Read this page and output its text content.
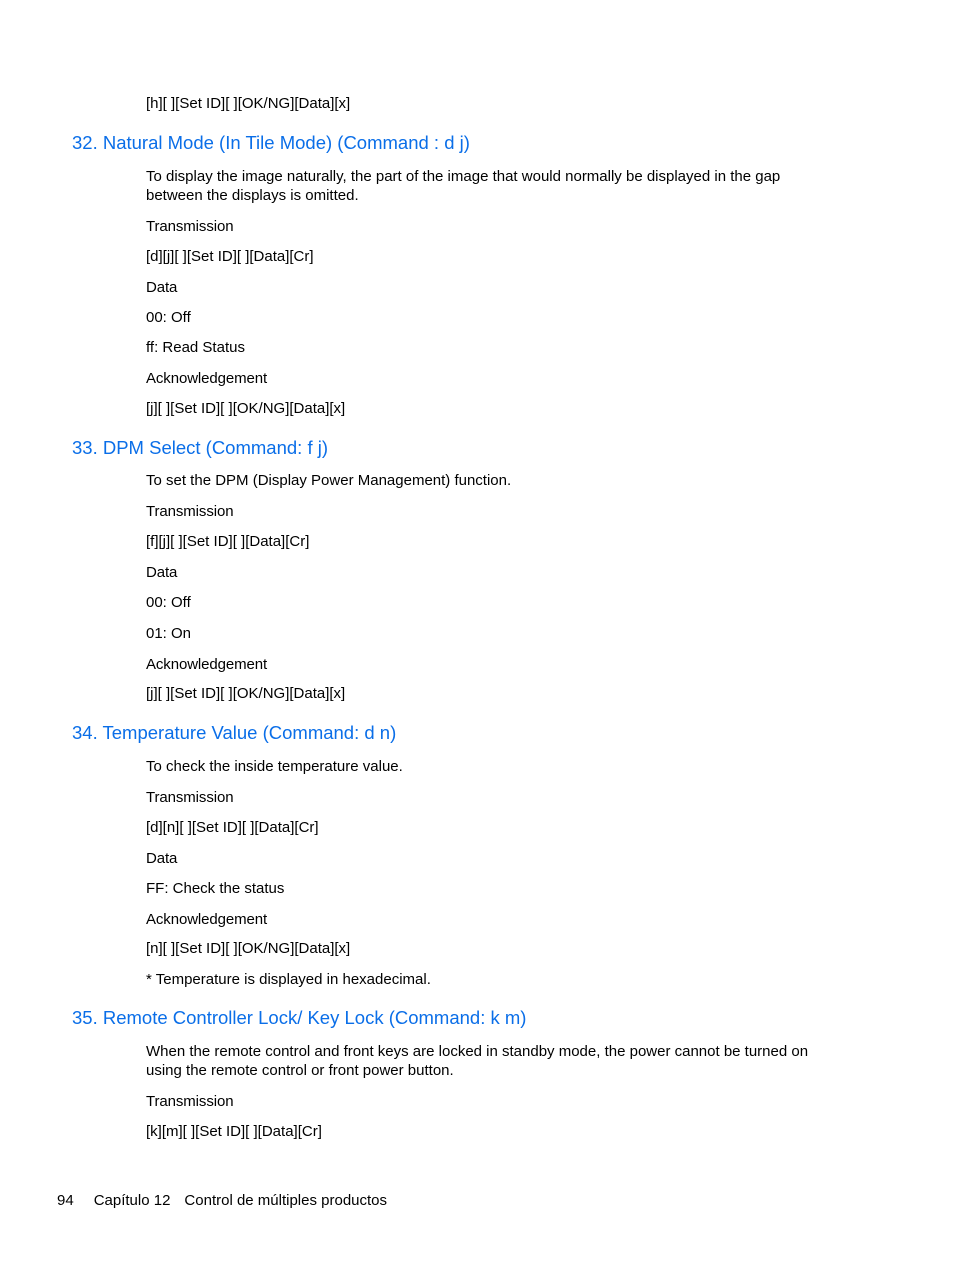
[h][ ][Set ID][ ][OK/NG][Data][x]
32. Natural Mode (In Tile Mode) (Command : d j)
To display the image naturally, the part of the image that would normally be displayed in the gap
between the displays is omitted.
Transmission
[d][j][ ][Set ID][ ][Data][Cr]
Data
00: Off
ff: Read Status
Acknowledgement
[j][ ][Set ID][ ][OK/NG][Data][x]
33. DPM Select (Command: f j)
To set the DPM (Display Power Management) function.
Transmission
[f][j][ ][Set ID][ ][Data][Cr]
Data
00: Off
01: On
Acknowledgement
[j][ ][Set ID][ ][OK/NG][Data][x]
34. Temperature Value (Command: d n)
To check the inside temperature value.
Transmission
[d][n][ ][Set ID][ ][Data][Cr]
Data
FF: Check the status
Acknowledgement
[n][ ][Set ID][ ][OK/NG][Data][x]
* Temperature is displayed in hexadecimal.
35. Remote Controller Lock/ Key Lock (Command: k m)
When the remote control and front keys are locked in standby mode, the power cannot be turned on
using the remote control or front power button.
Transmission
[k][m][ ][Set ID][ ][Data][Cr]
94 Capítulo 12 Control de múltiples productos
